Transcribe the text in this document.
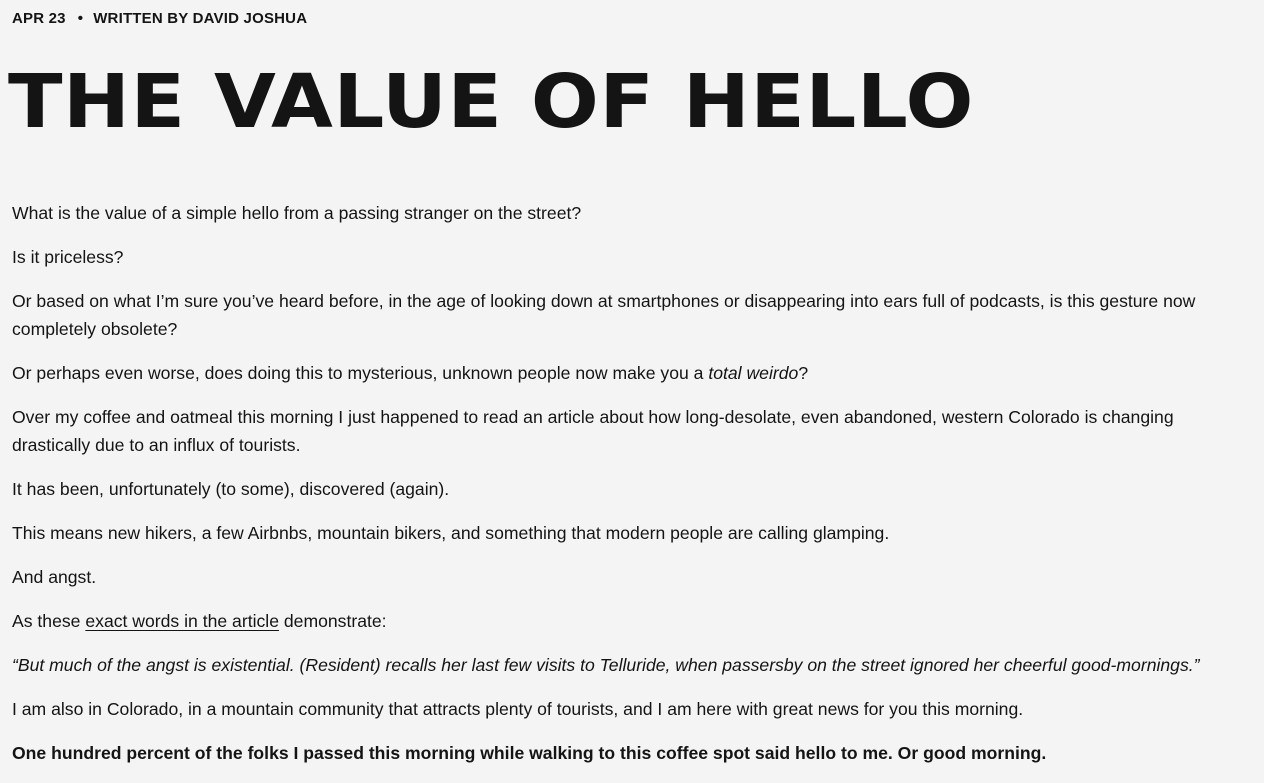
APR 23 • WRITTEN BY DAVID JOSHUA
THE VALUE OF HELLO

What is the value of a simple hello from a passing stranger on the street?

Is it priceless?

Or based on what I’m sure you’ve heard before, in the age of looking down at smartphones or disappearing into ears full of podcasts, is this gesture now completely obsolete?

Or perhaps even worse, does doing this to mysterious, unknown people now make you a total weirdo?

Over my coffee and oatmeal this morning I just happened to read an article about how long-desolate, even abandoned, western Colorado is changing drastically due to an influx of tourists.

It has been, unfortunately (to some), discovered (again).

This means new hikers, a few Airbnbs, mountain bikers, and something that modern people are calling glamping.

And angst.

As these exact words in the article demonstrate:

“But much of the angst is existential. (Resident) recalls her last few visits to Telluride, when passersby on the street ignored her cheerful good-mornings.”

I am also in Colorado, in a mountain community that attracts plenty of tourists, and I am here with great news for you this morning.

One hundred percent of the folks I passed this morning while walking to this coffee spot said hello to me. Or good morning.
